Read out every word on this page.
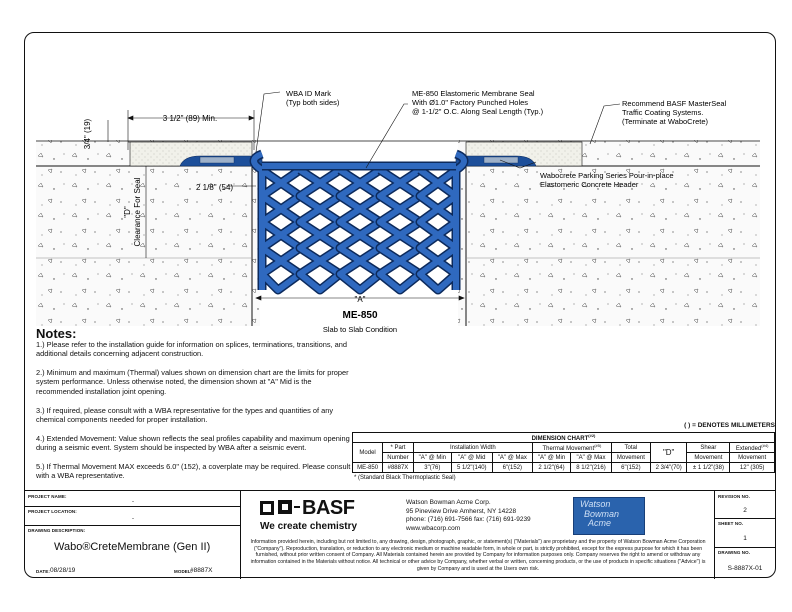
WBA ID Mark (Typ both sides)
ME-850 Elastomeric Membrane Seal With Ø1.0" Factory Punched Holes @ 1-1/2" O.C. Along Seal Length (Typ.)
Recommend BASF MasterSeal Traffic Coating Systems. (Terminate at WaboCrete)
Wabocrete Parking Series Pour-in-place Elastomeric Concrete Header
3/4" (19)
3 1/2" (89) Min.
2 1/8" (54)
"D"Clearance For Seal
"A"
ME-850
Slab to Slab Condition
Notes:
1.) Please refer to the installation guide for information on splices, terminations, transitions, and additional details concerning adjacent construction.
2.) Minimum and maximum (Thermal) values shown on dimension chart are the limits for proper system performance. Unless otherwise noted, the dimension shown at "A" Mid is the recommended installation joint opening.
3.) If required, please consult with a WBA representative for the types and quantities of any chemical components needed for proper installation.
4.) Extended Movement: Value shown reflects the seal profiles capability and maximum opening during a seismic event. System should be inspected by WBA after a seismic event.
5.) If Thermal Movement MAX exceeds 6.0" (152), a coverplate may be required. Please consult with a WBA representative.
( ) = DENOTES MILLIMETERS
DIMENSION $CHART^{(\#2)}$
Model	* Part	Installation Width			Thermal Movement$^{(\#5)}$		Total	"D"	Shear	Extended$^{(\#4)}$
	Number	"A" @ Min	"A" @ Mid	"A" @ Max	"A" @ Min	"A" @ Max	Movement		Movement	Movement
ME-850	#8887X	3"(76)	5 1/2"(140)	6"(152)	2 1/2"(64)	8 1/2"(216)	6"(152)	2 3/4"(70)	± 1 1/2"(38)	12" (305)
* (Standard Black Thermoplastic Seal)
PROJECT NAME:
-
PROJECT LOCATION:
-
DRAWING DESCRIPTION:
Wabo®CreteMembrane (Gen II)
DATE: 08/28/19	MODEL:
#8887X
BASF
We create chemistry
Watson Bowman Acme Corp.
95 Pineview Drive Amherst, NY 14228
phone: (716) 691-7566 fax: (716) 691-9239
www.wbacorp.com
Watson
Bowman
Acme
Information provided herein, including but not limited to, any drawing, design, photograph, graphic, or statement(s) ("Materials") are proprietary and the property of Watson Bowman Acme Corporation ("Company"). Reproduction, translation, or reduction to any electronic medium or machine readable form, in whole or part, is strictly prohibited, except for the express purpose for which it has been furnished, without prior written consent of Company. All Materials contained herein are provided by Company for information purposes only. Company reserves the right to amend or withdraw any information contained in the Materials without notice. All technical or other advice by Company, whether verbal or written, concerning products, or the use of products in specific situations ("Advice") is given by Company and is used at the Users own risk.
REVISION NO.
2
SHEET NO.
1
DRAWING NO.
S-8887X-01
